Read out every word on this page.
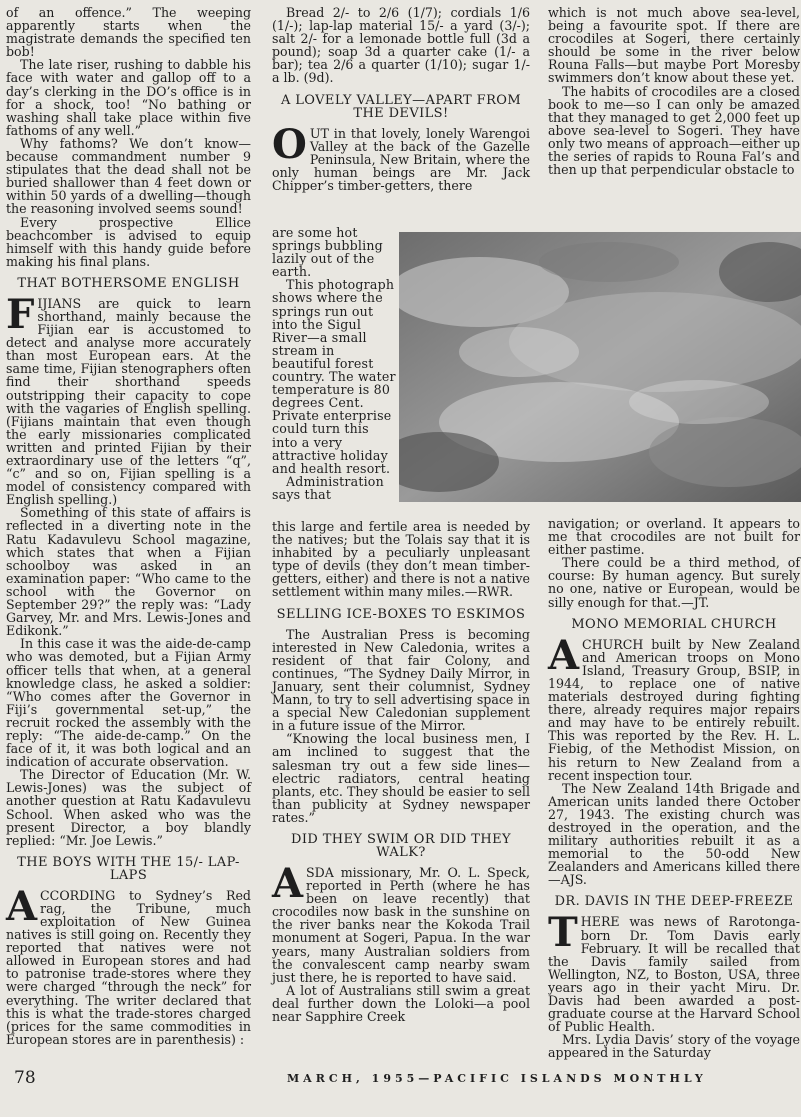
of an offence.” The weeping apparently starts when the magistrate demands the specified ten bob!

The late riser, rushing to dabble his face with water and gallop off to a day’s clerking in the DO’s office is in for a shock, too! “No bathing or washing shall take place within five fathoms of any well.”

Why fathoms? We don’t know—because commandment number 9 stipulates that the dead shall not be buried shallower than 4 feet down or within 50 yards of a dwelling—though the reasoning involved seems sound!

Every prospective Ellice beachcomber is advised to equip himself with this handy guide before making his final plans.

THAT BOTHERSOME ENGLISH

FIJIANS are quick to learn shorthand, mainly because the Fijian ear is accustomed to detect and analyse more accurately than most European ears. At the same time, Fijian stenographers often find their shorthand speeds outstripping their capacity to cope with the vagaries of English spelling. (Fijians maintain that even though the early missionaries complicated written and printed Fijian by their extraordinary use of the letters “q”, “c” and so on, Fijian spelling is a model of consistency compared with English spelling.)

Something of this state of affairs is reflected in a diverting note in the Ratu Kadavulevu School magazine, which states that when a Fijian schoolboy was asked in an examination paper: “Who came to the school with the Governor on September 29?” the reply was: “Lady Garvey, Mr. and Mrs. Lewis-Jones and Edikonk.”

In this case it was the aide-de-camp who was demoted, but a Fijian Army officer tells that when, at a general knowledge class, he asked a soldier: “Who comes after the Governor in Fiji’s governmental set-up,” the recruit rocked the assembly with the reply: “The aide-de-camp.” On the face of it, it was both logical and an indication of accurate observation.

The Director of Education (Mr. W. Lewis-Jones) was the subject of another question at Ratu Kadavulevu School. When asked who was the present Director, a boy blandly replied: “Mr. Joe Lewis.”

THE BOYS WITH THE 15/- LAP-LAPS

ACCORDING to Sydney’s Red rag, the Tribune, much exploitation of New Guinea natives is still going on. Recently they reported that natives were not allowed in European stores and had to patronise trade-stores where they were charged “through the neck” for everything. The writer declared that this is what the trade-stores charged (prices for the same commodities in European stores are in parenthesis) :

Bread 2/- to 2/6 (1/7); cordials 1/6 (1/-); lap-lap material 15/- a yard (3/-); salt 2/- for a lemonade bottle full (3d a pound); soap 3d a quarter cake (1/- a bar); tea 2/6 a quarter (1/10); sugar 1/- a lb. (9d).

A LOVELY VALLEY—APART FROM THE DEVILS!

OUT in that lovely, lonely Warengoi Valley at the back of the Gazelle Peninsula, New Britain, where the only human beings are Mr. Jack Chipper’s timber-getters, there

are some hot springs bubbling lazily out of the earth.

This photograph shows where the springs run out into the Sigul River—a small stream in beautiful forest country. The water temperature is 80 degrees Cent. Private enterprise could turn this into a very attractive holiday and health resort.

Administration says that

this large and fertile area is needed by the natives; but the Tolais say that it is inhabited by a peculiarly unpleasant type of devils (they don’t mean timber-getters, either) and there is not a native settlement within many miles.—RWR.

SELLING ICE-BOXES TO ESKIMOS

The Australian Press is becoming interested in New Caledonia, writes a resident of that fair Colony, and continues, “The Sydney Daily Mirror, in January, sent their columnist, Sydney Mann, to try to sell advertising space in a special New Caledonian supplement in a future issue of the Mirror.

“Knowing the local business men, I am inclined to suggest that the salesman try out a few side lines—electric radiators, central heating plants, etc. They should be easier to sell than publicity at Sydney newspaper rates.”

DID THEY SWIM OR DID THEY WALK?

ASDA missionary, Mr. O. L. Speck, reported in Perth (where he has been on leave recently) that crocodiles now bask in the sunshine on the river banks near the Kokoda Trail monument at Sogeri, Papua. In the war years, many Australian soldiers from the convalescent camp nearby swam just there, he is reported to have said.

A lot of Australians still swim a great deal further down the Loloki—a pool near Sapphire Creek

which is not much above sea-level, being a favourite spot. If there are crocodiles at Sogeri, there certainly should be some in the river below Rouna Falls—but maybe Port Moresby swimmers don’t know about these yet.

The habits of crocodiles are a closed book to me—so I can only be amazed that they managed to get 2,000 feet up above sea-level to Sogeri. They have only two means of approach—either up the series of rapids to Rouna Fal’s and then up that perpendicular obstacle to

navigation; or overland. It appears to me that crocodiles are not built for either pastime.

There could be a third method, of course: By human agency. But surely no one, native or European, would be silly enough for that.—JT.

MONO MEMORIAL CHURCH

ACHURCH built by New Zealand and American troops on Mono Island, Treasury Group, BSIP, in 1944, to replace one of native materials destroyed during fighting there, already requires major repairs and may have to be entirely rebuilt. This was reported by the Rev. H. L. Fiebig, of the Methodist Mission, on his return to New Zealand from a recent inspection tour.

The New Zealand 14th Brigade and American units landed there October 27, 1943. The existing church was destroyed in the operation, and the military authorities rebuilt it as a memorial to the 50-odd New Zealanders and Americans killed there—AJS.

DR. DAVIS IN THE DEEP-FREEZE

THERE was news of Rarotonga-born Dr. Tom Davis early February. It will be recalled that the Davis family sailed from Wellington, NZ, to Boston, USA, three years ago in their yacht Miru. Dr. Davis had been awarded a post-graduate course at the Harvard School of Public Health.

Mrs. Lydia Davis’ story of the voyage appeared in the Saturday

78	MARCH, 1955—PACIFIC ISLANDS MONTHLY
